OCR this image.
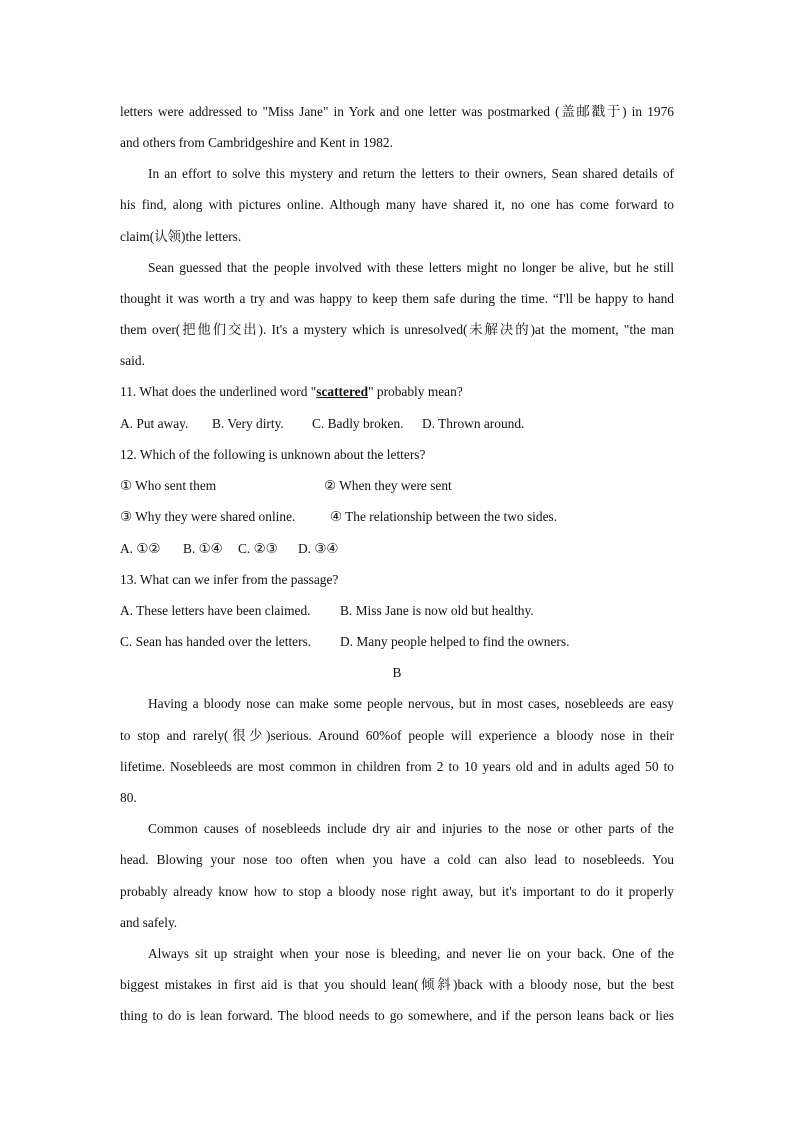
letters were addressed to "Miss Jane" in York and one letter was postmarked (盖邮戳于) in 1976
and others from Cambridgeshire and Kent in 1982.
In an effort to solve this mystery and return the letters to their owners, Sean shared details of
his find, along with pictures online. Although many have shared it, no one has come forward to
claim(认领)the letters.
Sean guessed that the people involved with these letters might no longer be alive, but he still
thought it was worth a try and was happy to keep them safe during the time. “I'll be happy to hand
them over(把他们交出). It's a mystery which is unresolved(未解决的)at the moment, "the man
said.
11. What does the underlined word "scattered" probably mean?
A. Put away. B. Very dirty. C. Badly broken. D. Thrown around.
12. Which of the following is unknown about the letters?
① Who sent them	② When they were sent
③ Why they were shared online.	④ The relationship between the two sides.
A. ①② B. ①④ C. ②③ D. ③④
13. What can we infer from the passage?
A. These letters have been claimed. B. Miss Jane is now old but healthy.
C. Sean has handed over the letters. D. Many people helped to find the owners.
B
Having a bloody nose can make some people nervous, but in most cases, nosebleeds are easy
to stop and rarely(很少)serious. Around 60%of people will experience a bloody nose in their
lifetime. Nosebleeds are most common in children from 2 to 10 years old and in adults aged 50 to
80.
Common causes of nosebleeds include dry air and injuries to the nose or other parts of the
head. Blowing your nose too often when you have a cold can also lead to nosebleeds. You
probably already know how to stop a bloody nose right away, but it's important to do it properly
and safely.
Always sit up straight when your nose is bleeding, and never lie on your back. One of the
biggest mistakes in first aid is that you should lean(倾斜)back with a bloody nose, but the best
thing to do is lean forward. The blood needs to go somewhere, and if the person leans back or lies
